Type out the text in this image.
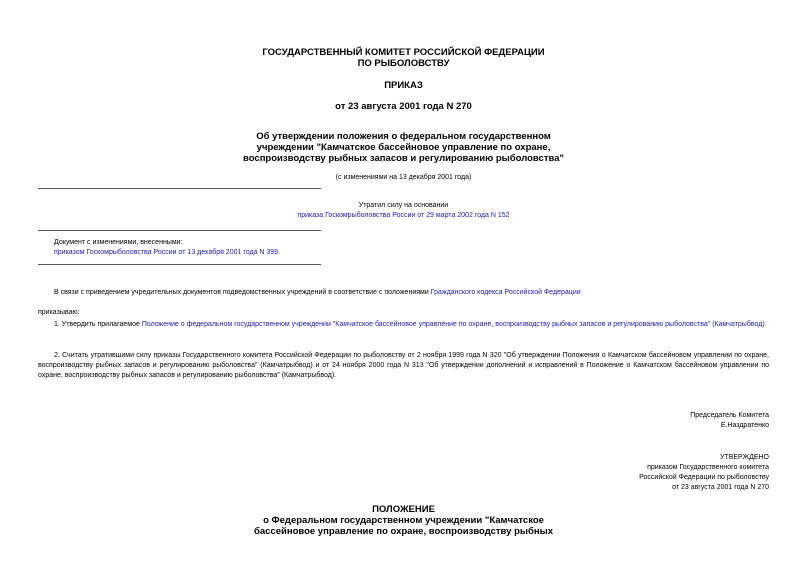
ГОСУДАРСТВЕННЫЙ КОМИТЕТ РОССИЙСКОЙ ФЕДЕРАЦИИ
ПО РЫБОЛОВСТВУ
ПРИКАЗ
от 23 августа 2001 года N 270
Об утверждении положения о федеральном государственном
учреждении "Камчатское бассейновое управление по охране,
воспроизводству рыбных запасов и регулированию рыболовства"
(с изменениями на 13 декабря 2001 года)
Утратил силу на основании
приказа Госкомрыболовства России от 29 марта 2002 года N 152
Документ с изменениями, внесенными:
приказом Госкомрыболовства России от 13 декабря 2001 года N 399.
В связи с приведением учредительных документов подведомственных учреждений в соответствие с положениями Гражданского кодекса Российской Федерации
приказываю:
1. Утвердить прилагаемое Положение о федеральном государственном учреждении "Камчатское бассейновое управление по охране, воспроизводству рыбных запасов и регулированию рыболовства" (Камчатрыбвод).
2. Считать утратившими силу приказы Государственного комитета Российской Федерации по рыболовству от 2 ноября 1999 года N 320 "Об утверждении Положения о Камчатском бассейновом управлении по охране, воспроизводству рыбных запасов и регулированию рыболовства" (Камчатрыбвод) и от 24 ноября 2000 года N 313 "Об утверждении дополнений и исправлений в Положение о Камчатском бассейновом управлении по охране, воспроизводству рыбных запасов и регулированию рыболовства" (Камчатрыбвод).
Председатель Комитета
Е.Наздратенко
УТВЕРЖДЕНО
приказом Государственного комитета
Российской Федерации по рыболовству
от 23 августа 2001 года N 270
ПОЛОЖЕНИЕ
о Федеральном государственном учреждении "Камчатское
бассейновое управление по охране, воспроизводству рыбных
